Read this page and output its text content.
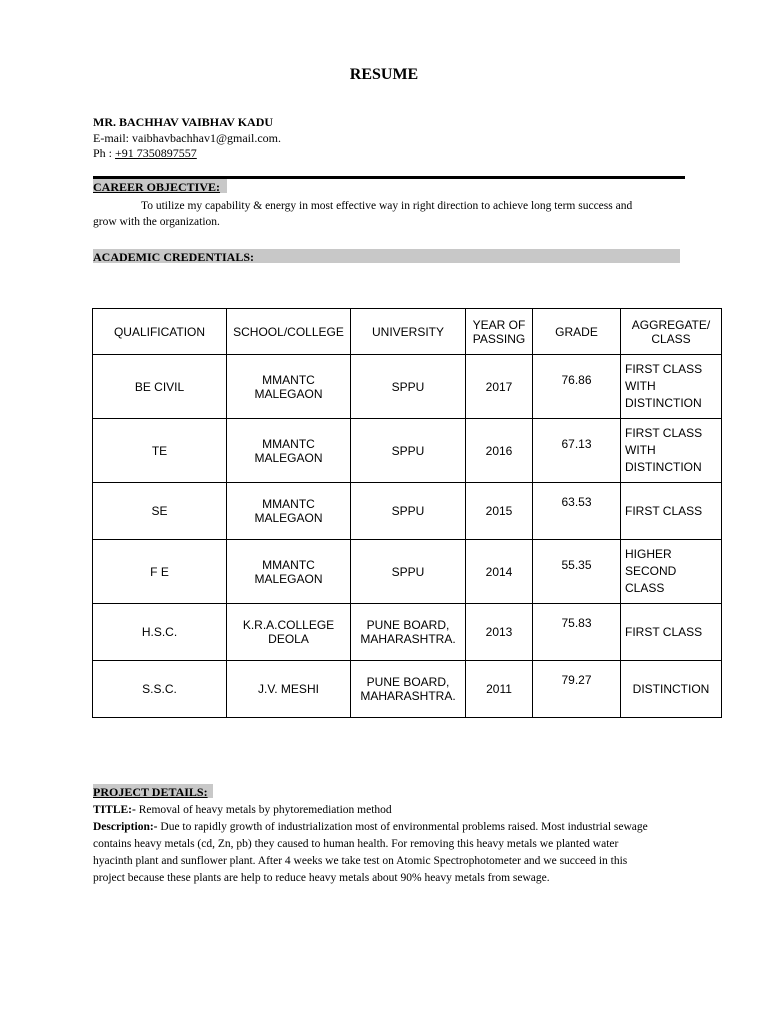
RESUME
MR. BACHHAV VAIBHAV KADU
E-mail: vaibhavbachhav1@gmail.com.
Ph : +91 7350897557
CAREER OBJECTIVE:
To utilize my capability & energy in most effective way in right direction to achieve long term success and grow with the organization.
ACADEMIC CREDENTIALS:
QUALIFICATION	SCHOOL/COLLEGE	UNIVERSITY	YEAR OF PASSING	GRADE	AGGREGATE/ CLASS
BE CIVIL	MMANTC MALEGAON	SPPU	2017	76.86	FIRST CLASS WITH DISTINCTION
TE	MMANTC MALEGAON	SPPU	2016	67.13	FIRST CLASS WITH DISTINCTION
SE	MMANTC MALEGAON	SPPU	2015	63.53	FIRST CLASS
F E	MMANTC MALEGAON	SPPU	2014	55.35	HIGHER SECOND CLASS
H.S.C.	K.R.A.COLLEGE DEOLA	PUNE BOARD, MAHARASHTRA.	2013	75.83	FIRST CLASS
S.S.C.	J.V. MESHI	PUNE BOARD, MAHARASHTRA.	2011	79.27	DISTINCTION
PROJECT DETAILS:
TITLE:- Removal of heavy metals by phytoremediation method
Description:- Due to rapidly growth of industrialization most of environmental problems raised. Most industrial sewage contains heavy metals (cd, Zn, pb) they caused to human health. For removing this heavy metals we planted water hyacinth plant and sunflower plant. After 4 weeks we take test on Atomic Spectrophotometer and we succeed in this project because these plants are help to reduce heavy metals about 90% heavy metals from sewage.
